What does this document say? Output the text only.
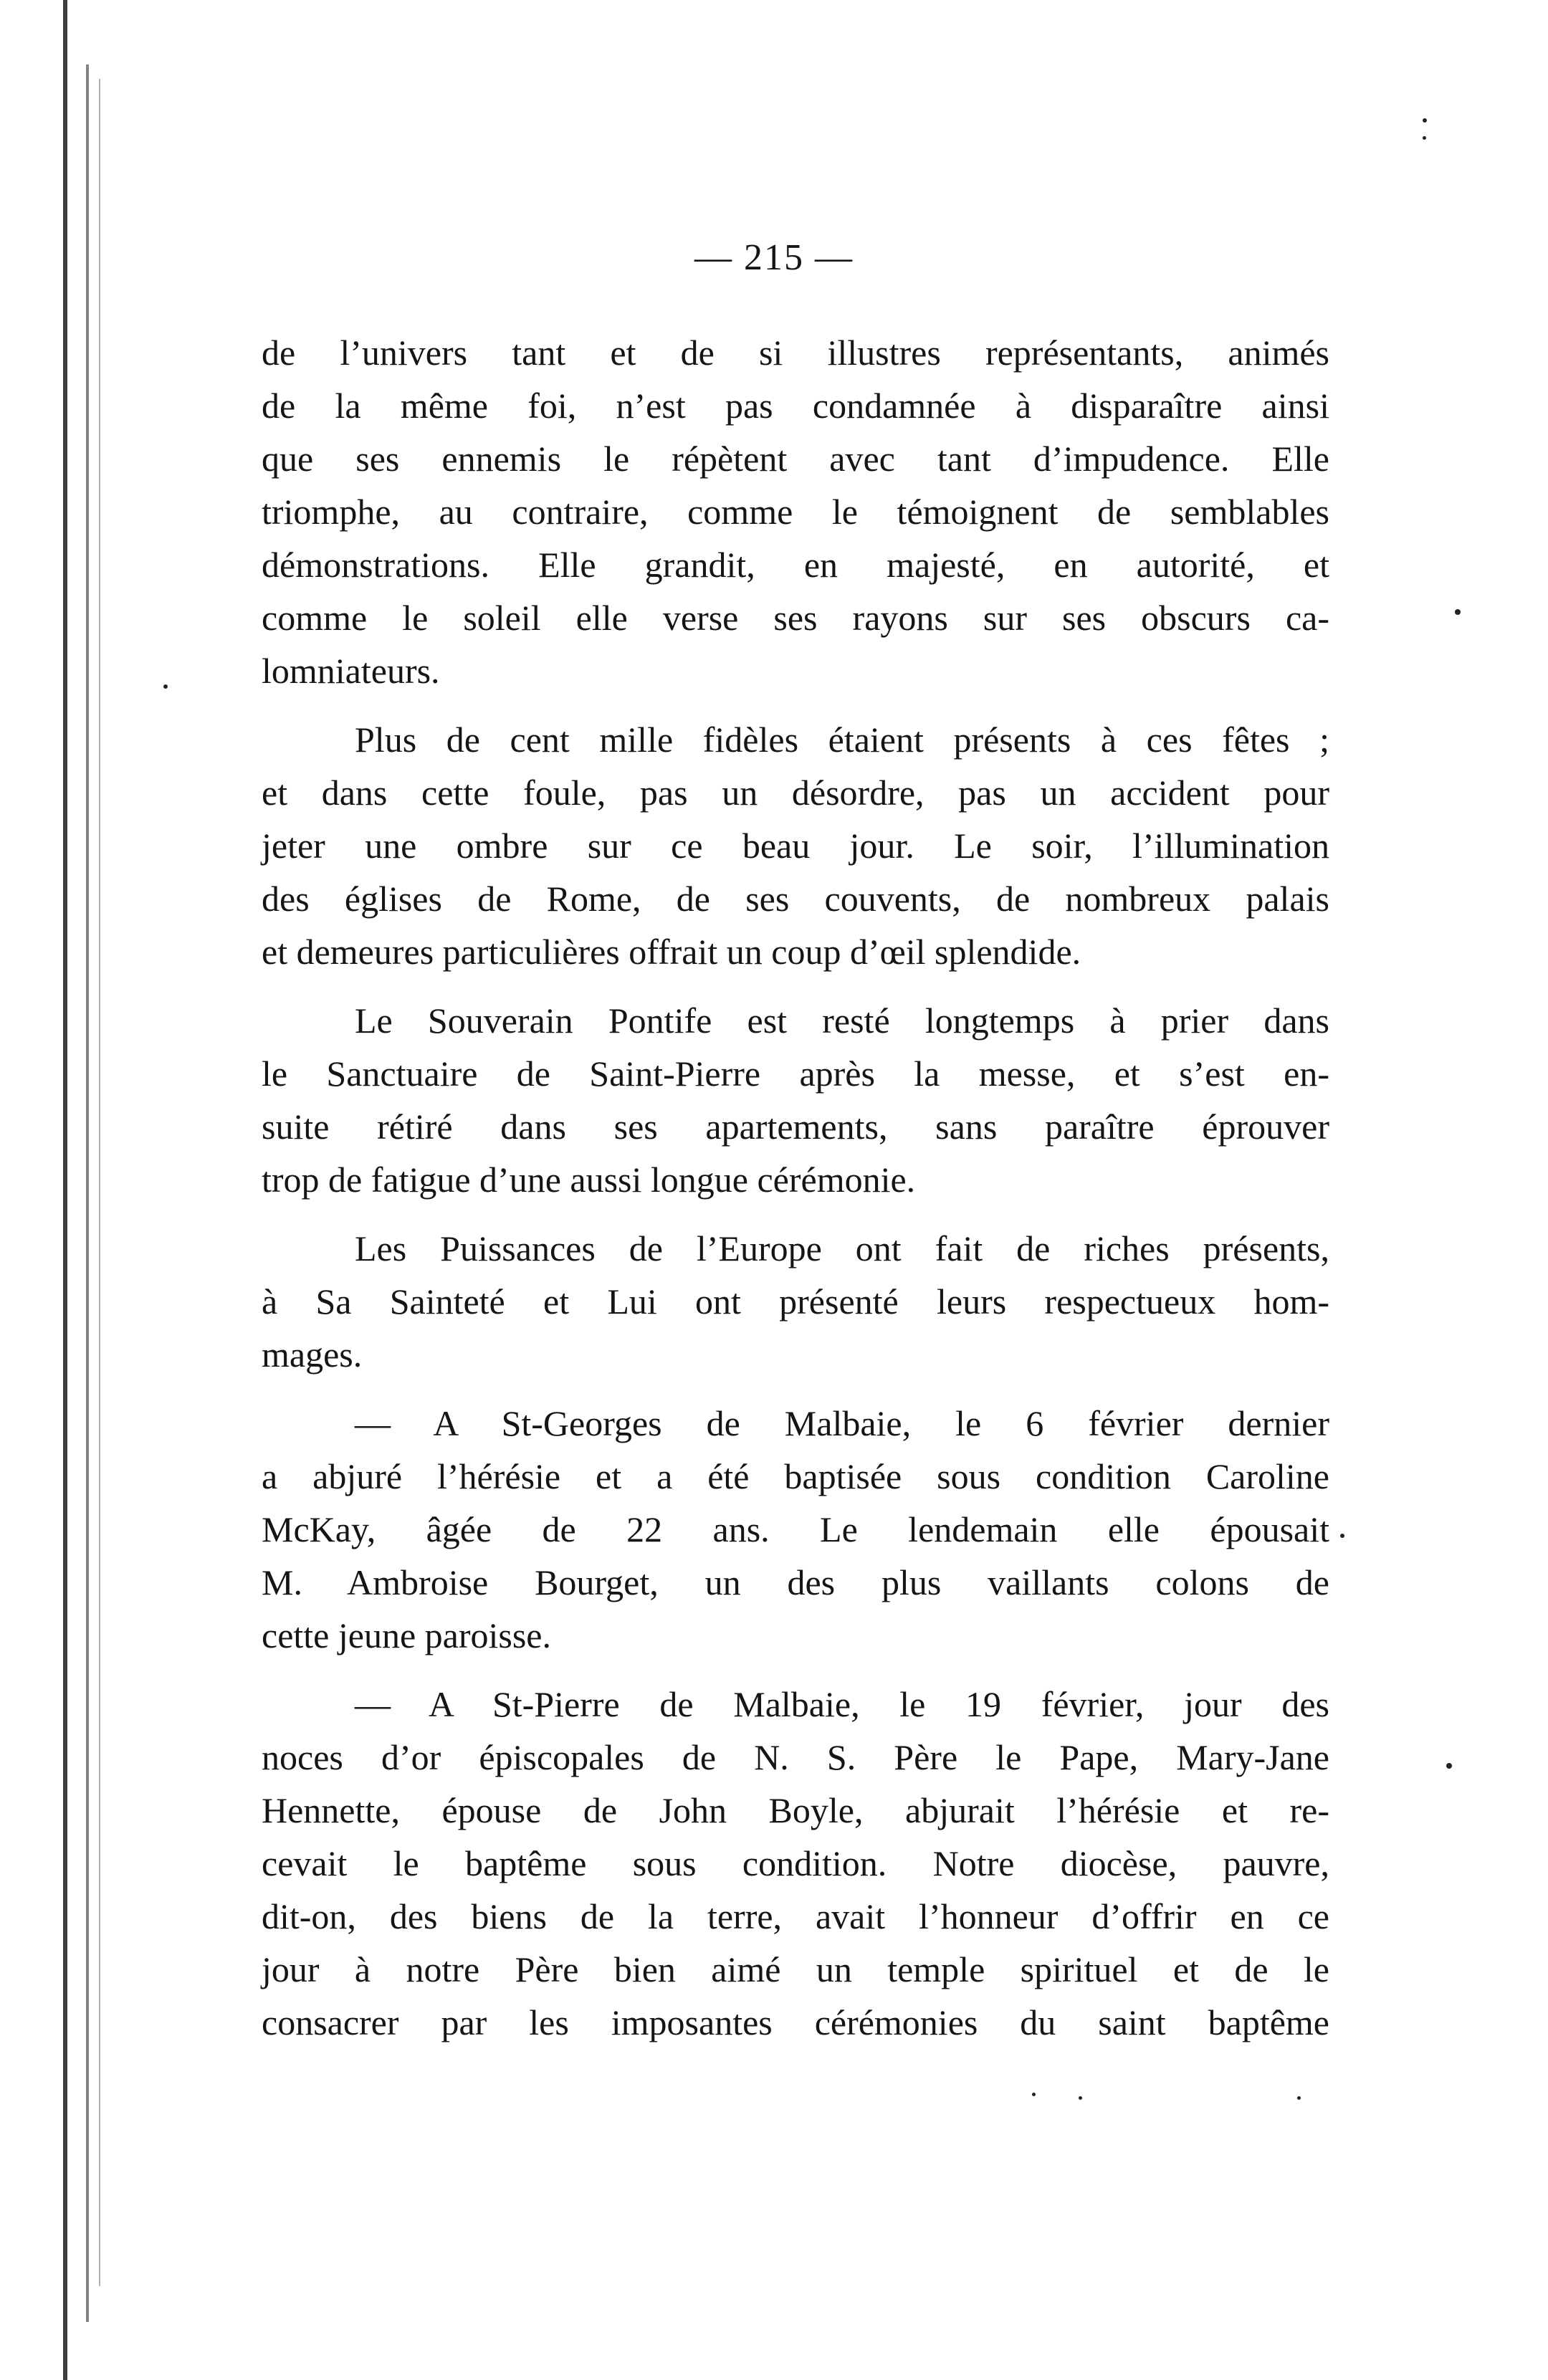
— 215 —
de l’univers tant et de si illustres représentants, animés
de la même foi, n’est pas condamnée à disparaître ainsi
que ses ennemis le répètent avec tant d’impudence. Elle
triomphe, au contraire, comme le témoignent de semblables
démonstrations. Elle grandit, en majesté, en autorité, et
comme le soleil elle verse ses rayons sur ses obscurs ca-
lomniateurs.
Plus de cent mille fidèles étaient présents à ces fêtes ;
et dans cette foule, pas un désordre, pas un accident pour
jeter une ombre sur ce beau jour. Le soir, l’illumination
des églises de Rome, de ses couvents, de nombreux palais
et demeures particulières offrait un coup d’œil splendide.
Le Souverain Pontife est resté longtemps à prier dans
le Sanctuaire de Saint-Pierre après la messe, et s’est en-
suite rétiré dans ses apartements, sans paraître éprouver
trop de fatigue d’une aussi longue cérémonie.
Les Puissances de l’Europe ont fait de riches présents,
à Sa Sainteté et Lui ont présenté leurs respectueux hom-
mages.
— A St-Georges de Malbaie, le 6 février dernier
a abjuré l’hérésie et a été baptisée sous condition Caroline
McKay, âgée de 22 ans. Le lendemain elle épousait
M. Ambroise Bourget, un des plus vaillants colons de
cette jeune paroisse.
— A St-Pierre de Malbaie, le 19 février, jour des
noces d’or épiscopales de N. S. Père le Pape, Mary-Jane
Hennette, épouse de John Boyle, abjurait l’hérésie et re-
cevait le baptême sous condition. Notre diocèse, pauvre,
dit-on, des biens de la terre, avait l’honneur d’offrir en ce
jour à notre Père bien aimé un temple spirituel et de le
consacrer par les imposantes cérémonies du saint baptême
